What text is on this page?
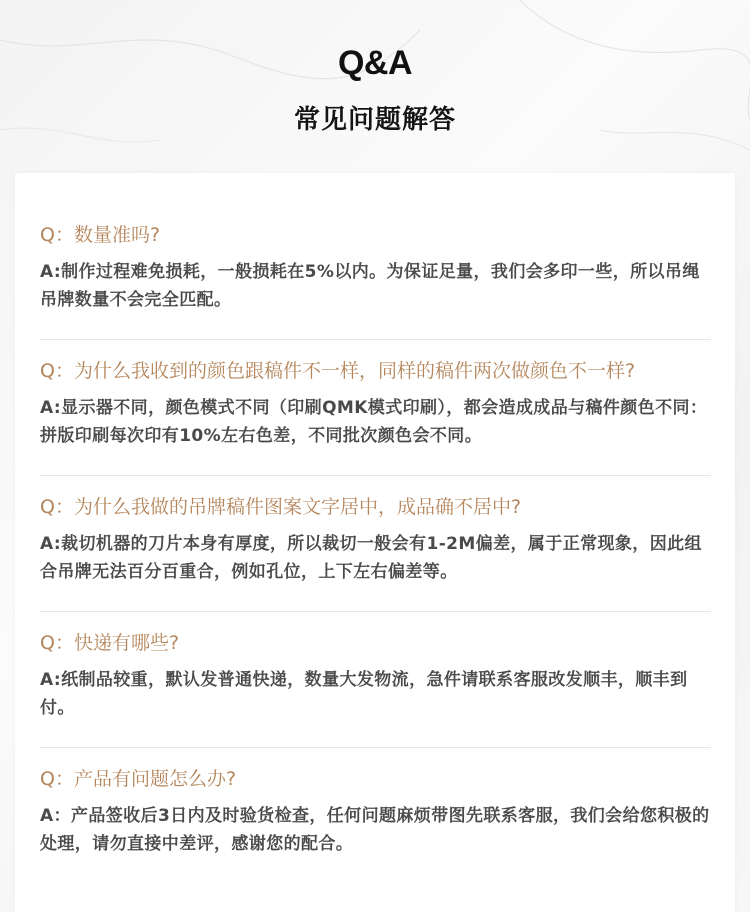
Q&A
常见问题解答
Q：数量准吗?
A:制作过程难免损耗，一般损耗在5%以内。为保证足量，我们会多印一些，所以吊绳吊牌数量不会完全匹配。
Q：为什么我收到的颜色跟稿件不一样，同样的稿件两次做颜色不一样?
A:显示器不同，颜色模式不同（印刷QMK模式印刷），都会造成成品与稿件颜色不同：拼版印刷每次印有10%左右色差，不同批次颜色会不同。
Q：为什么我做的吊牌稿件图案文字居中，成品确不居中?
A:裁切机器的刀片本身有厚度，所以裁切一般会有1-2M偏差，属于正常现象，因此组合吊牌无法百分百重合，例如孔位，上下左右偏差等。
Q：快递有哪些?
A:纸制品较重，默认发普通快递，数量大发物流，急件请联系客服改发顺丰，顺丰到付。
Q：产品有问题怎么办?
A：产品签收后3日内及时验货检查，任何问题麻烦带图先联系客服，我们会给您积极的处理，请勿直接中差评，感谢您的配合。
